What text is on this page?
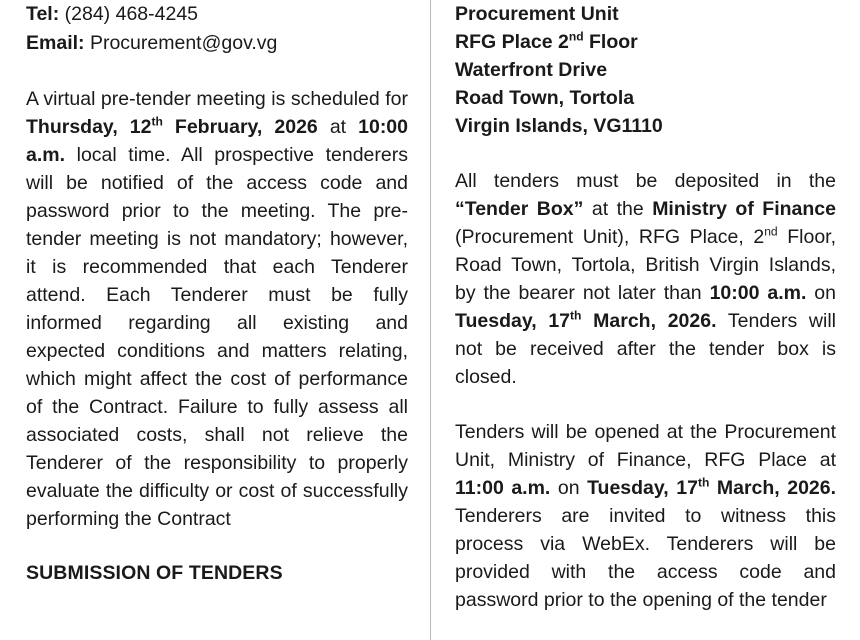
Tel: (284) 468-4245
Email: Procurement@gov.vg

A virtual pre-tender meeting is scheduled for Thursday, 12th February, 2026 at 10:00 a.m. local time. All prospective tenderers will be notified of the access code and password prior to the meeting. The pre-tender meeting is not mandatory; however, it is recommended that each Tenderer attend. Each Tenderer must be fully informed regarding all existing and expected conditions and matters relating, which might affect the cost of performance of the Contract. Failure to fully assess all associated costs, shall not relieve the Tenderer of the responsibility to properly evaluate the difficulty or cost of successfully performing the Contract

SUBMISSION OF TENDERS

Procurement Unit
RFG Place 2nd Floor
Waterfront Drive
Road Town, Tortola
Virgin Islands, VG1110

All tenders must be deposited in the “Tender Box” at the Ministry of Finance (Procurement Unit), RFG Place, 2nd Floor, Road Town, Tortola, British Virgin Islands, by the bearer not later than 10:00 a.m. on Tuesday, 17th March, 2026. Tenders will not be received after the tender box is closed.

Tenders will be opened at the Procurement Unit, Ministry of Finance, RFG Place at 11:00 a.m. on Tuesday, 17th March, 2026. Tenderers are invited to witness this process via WebEx. Tenderers will be provided with the access code and password prior to the opening of the tender
